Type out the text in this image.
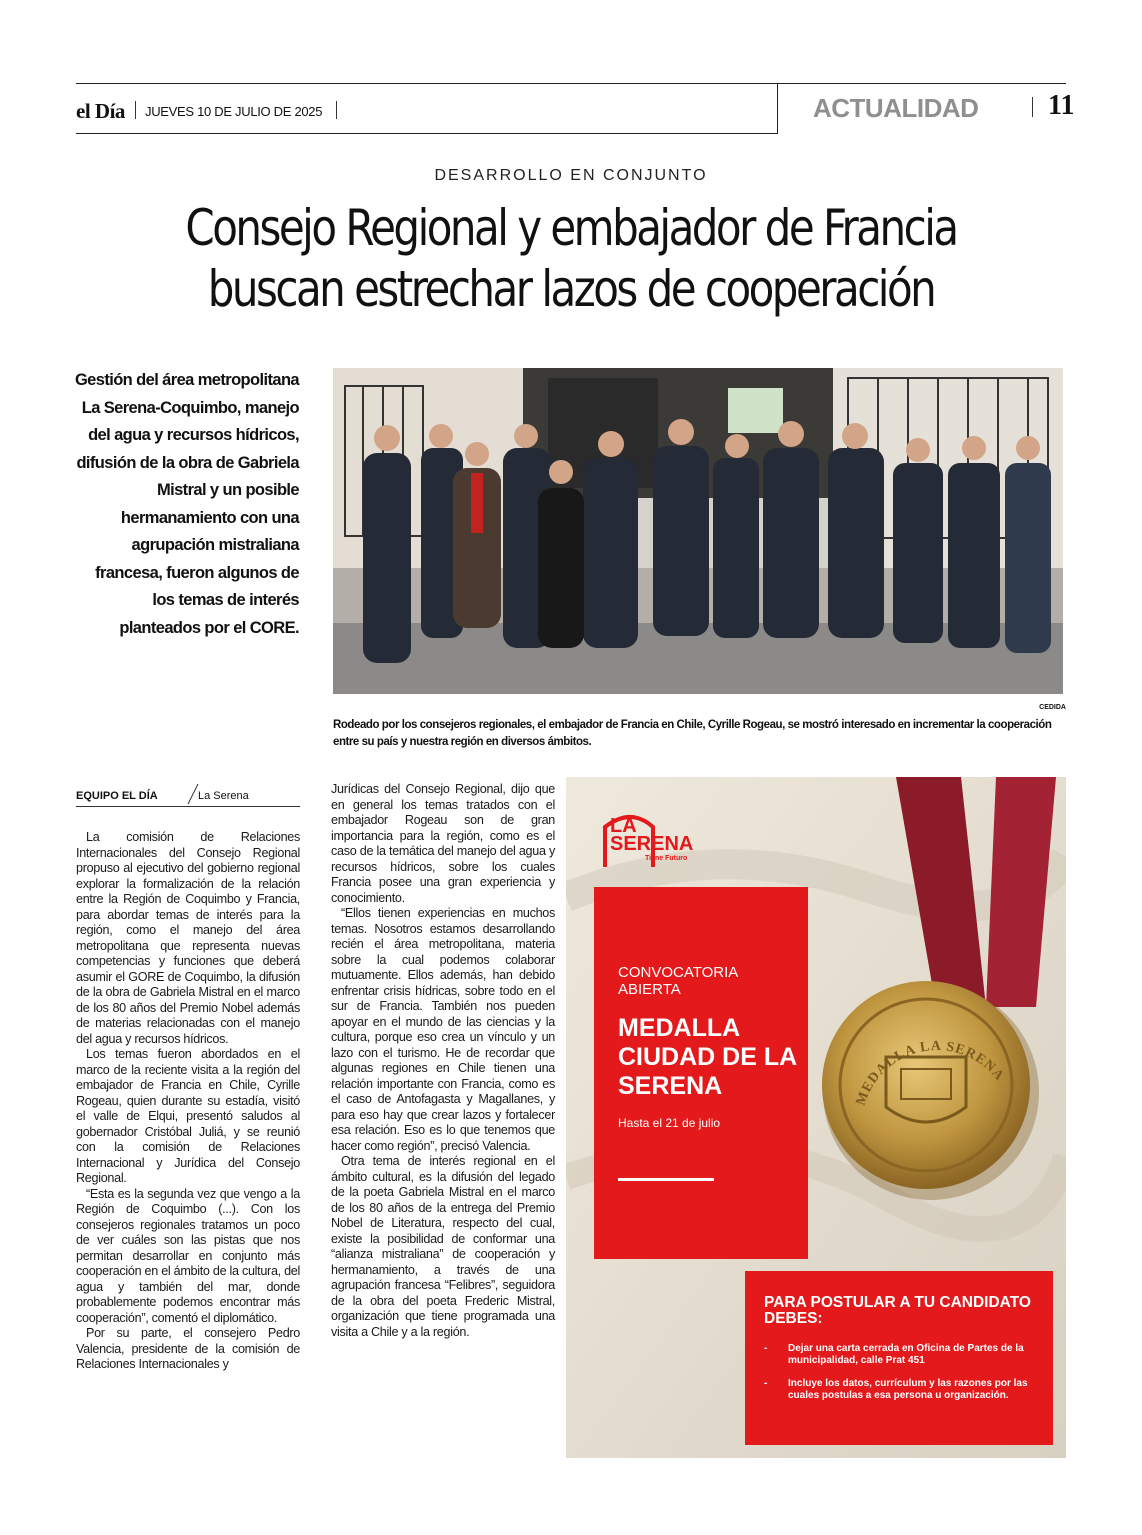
el Día JUEVES 10 DE JULIO DE 2025	ACTUALIDAD 11
DESARROLLO EN CONJUNTO
Consejo Regional y embajador de Francia
buscan estrechar lazos de cooperación
Gestión del área metropolitana La Serena-Coquimbo, manejo del agua y recursos hídricos, difusión de la obra de Gabriela Mistral y un posible hermanamiento con una agrupación mistraliana francesa, fueron algunos de los temas de interés planteados por el CORE.
CEDIDA
Rodeado por los consejeros regionales, el embajador de Francia en Chile, Cyrille Rogeau, se mostró interesado en incrementar la cooperación entre su país y nuestra región en diversos ámbitos.
EQUIPO EL DÍA	La Serena

La comisión de Relaciones Internacionales del Consejo Regional propuso al ejecutivo del gobierno regional explorar la formalización de la relación entre la Región de Coquimbo y Francia, para abordar temas de interés para la región, como el manejo del área metropolitana que representa nuevas competencias y funciones que deberá asumir el GORE de Coquimbo, la difusión de la obra de Gabriela Mistral en el marco de los 80 años del Premio Nobel además de materias relacionadas con el manejo del agua y recursos hídricos.

Los temas fueron abordados en el marco de la reciente visita a la región del embajador de Francia en Chile, Cyrille Rogeau, quien durante su estadía, visitó el valle de Elqui, presentó saludos al gobernador Cristóbal Juliá, y se reunió con la comisión de Relaciones Internacional y Jurídica del Consejo Regional.

“Esta es la segunda vez que vengo a la Región de Coquimbo (...). Con los consejeros regionales tratamos un poco de ver cuáles son las pistas que nos permitan desarrollar en conjunto más cooperación en el ámbito de la cultura, del agua y también del mar, donde probablemente podemos encontrar más cooperación”, comentó el diplomático.

Por su parte, el consejero Pedro Valencia, presidente de la comisión de Relaciones Internacionales y

Jurídicas del Consejo Regional, dijo que en general los temas tratados con el embajador Rogeau son de gran importancia para la región, como es el caso de la temática del manejo del agua y recursos hídricos, sobre los cuales Francia posee una gran experiencia y conocimiento.

“Ellos tienen experiencias en muchos temas. Nosotros estamos desarrollando recién el área metropolitana, materia sobre la cual podemos colaborar mutuamente. Ellos además, han debido enfrentar crisis hídricas, sobre todo en el sur de Francia. También nos pueden apoyar en el mundo de las ciencias y la cultura, porque eso crea un vínculo y un lazo con el turismo. He de recordar que algunas regiones en Chile tienen una relación importante con Francia, como es el caso de Antofagasta y Magallanes, y para eso hay que crear lazos y fortalecer esa relación. Eso es lo que tenemos que hacer como región”, precisó Valencia.

Otra tema de interés regional en el ámbito cultural, es la difusión del legado de la poeta Gabriela Mistral en el marco de los 80 años de la entrega del Premio Nobel de Literatura, respecto del cual, existe la posibilidad de conformar una “alianza mistraliana” de cooperación y hermanamiento, a través de una agrupación francesa “Felibres”, seguidora de la obra del poeta Frederic Mistral, organización que tiene programada una visita a Chile y a la región.

LA
SERENA
Tiene Futuro
CONVOCATORIA ABIERTA
MEDALLA CIUDAD DE LA SERENA
Hasta el 21 de julio
MEDALLA LA SERENA
PARA POSTULAR A TU CANDIDATO DEBES:
- Dejar una carta cerrada en Oficina de Partes de la municipalidad, calle Prat 451
- Incluye los datos, currículum y las razones por las cuales postulas a esa persona u organización.
